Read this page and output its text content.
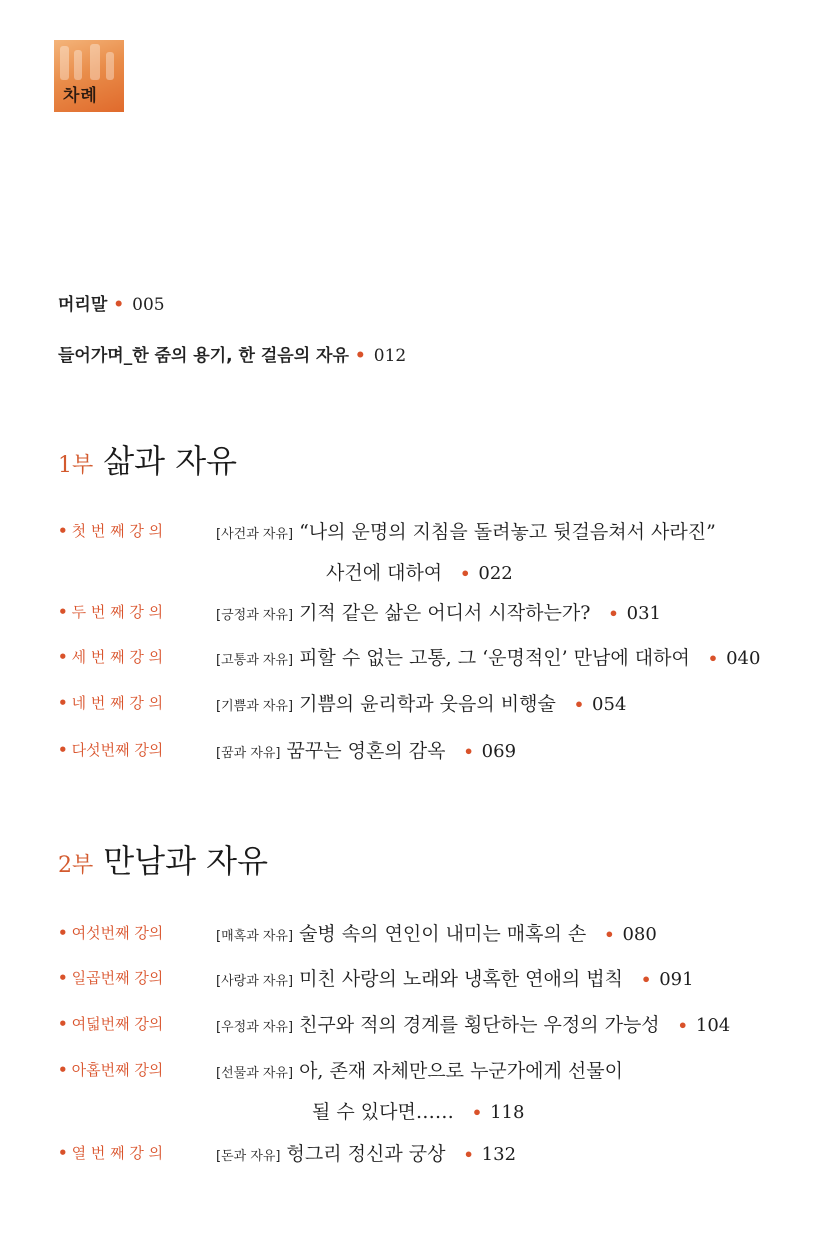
차례
머리말 • 005
들어가며_한 줌의 용기, 한 걸음의 자유 • 012
1부 삶과 자유
• 첫 번 째 강 의	[사건과 자유] “나의 운명의 지침을 돌려놓고 뒷걸음쳐서 사라진”
사건에 대하여 • 022
• 두 번 째 강 의	[긍정과 자유] 기적 같은 삶은 어디서 시작하는가? • 031
• 세 번 째 강 의	[고통과 자유] 피할 수 없는 고통, 그 ‘운명적인’ 만남에 대하여 • 040
• 네 번 째 강 의	[기쁨과 자유] 기쁨의 윤리학과 웃음의 비행술 • 054
• 다섯번째 강의	[꿈과 자유] 꿈꾸는 영혼의 감옥 • 069
2부 만남과 자유
• 여섯번째 강의	[매혹과 자유] 술병 속의 연인이 내미는 매혹의 손 • 080
• 일곱번째 강의	[사랑과 자유] 미친 사랑의 노래와 냉혹한 연애의 법칙 • 091
• 여덟번째 강의	[우정과 자유] 친구와 적의 경계를 횡단하는 우정의 가능성 • 104
• 아홉번째 강의	[선물과 자유] 아, 존재 자체만으로 누군가에게 선물이
될 수 있다면…… • 118
• 열 번 째 강 의	[돈과 자유] 헝그리 정신과 궁상 • 132
